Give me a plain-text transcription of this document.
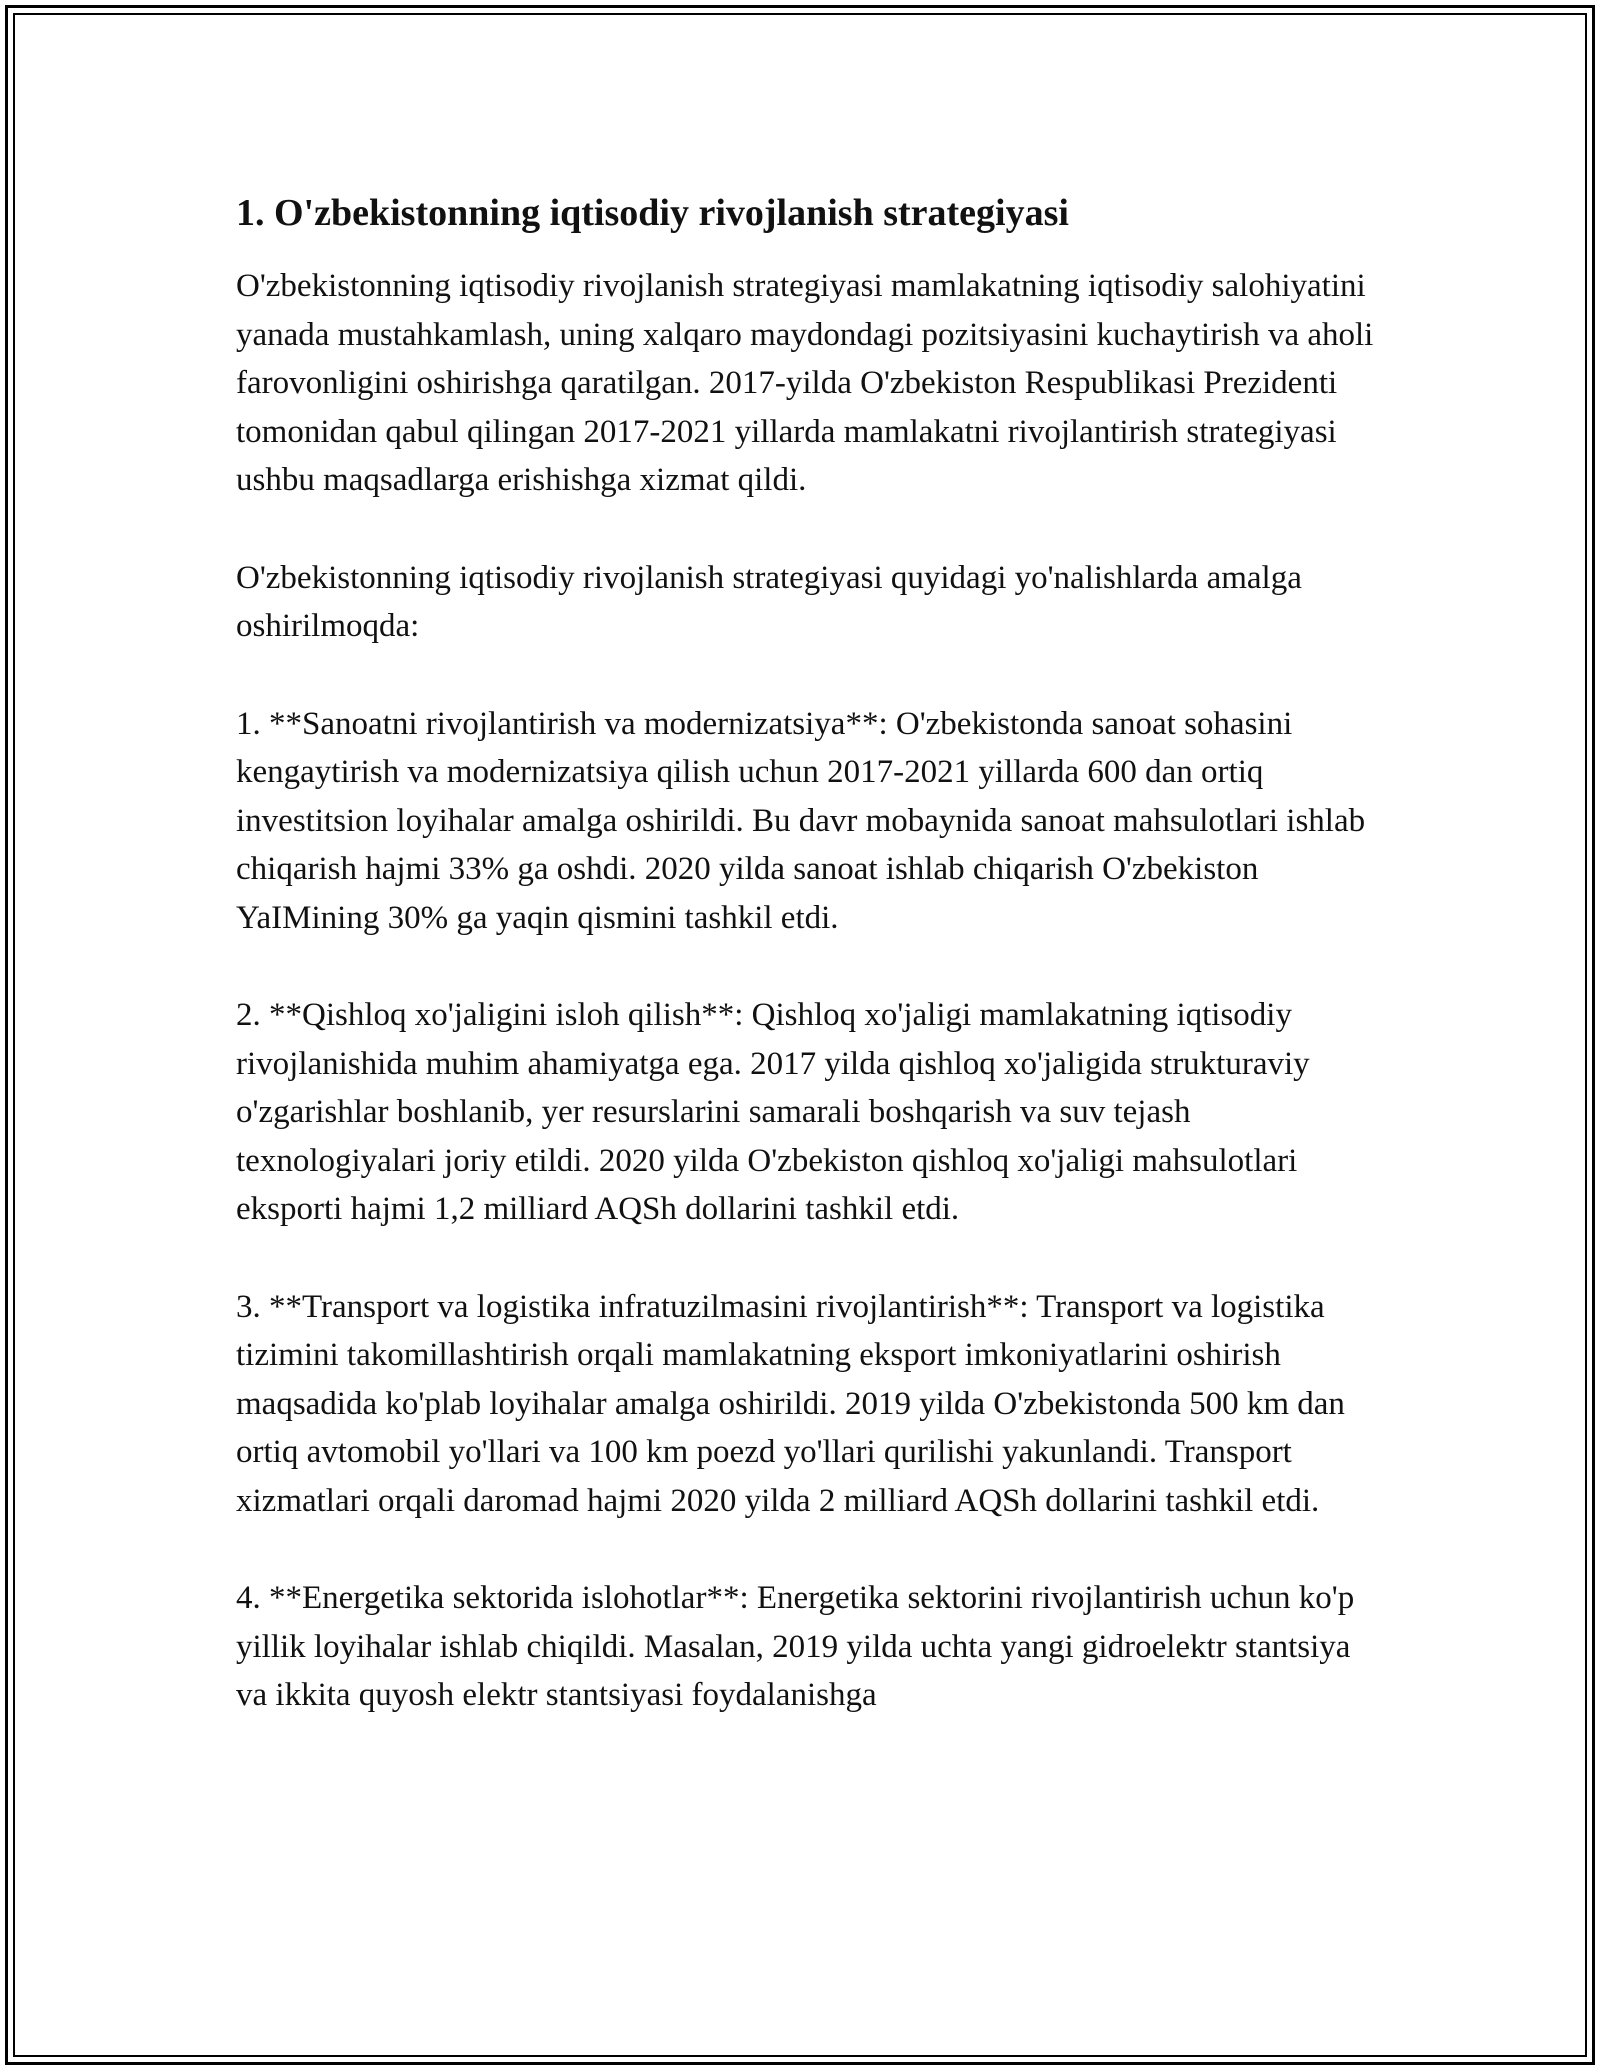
1. O'zbekistonning iqtisodiy rivojlanish strategiyasi

O'zbekistonning iqtisodiy rivojlanish strategiyasi mamlakatning iqtisodiy salohiyatini yanada mustahkamlash, uning xalqaro maydondagi pozitsiyasini kuchaytirish va aholi farovonligini oshirishga qaratilgan. 2017-yilda O'zbekiston Respublikasi Prezidenti tomonidan qabul qilingan 2017-2021 yillarda mamlakatni rivojlantirish strategiyasi ushbu maqsadlarga erishishga xizmat qildi.

O'zbekistonning iqtisodiy rivojlanish strategiyasi quyidagi yo'nalishlarda amalga oshirilmoqda:

1. **Sanoatni rivojlantirish va modernizatsiya**: O'zbekistonda sanoat sohasini kengaytirish va modernizatsiya qilish uchun 2017-2021 yillarda 600 dan ortiq investitsion loyihalar amalga oshirildi. Bu davr mobaynida sanoat mahsulotlari ishlab chiqarish hajmi 33% ga oshdi. 2020 yilda sanoat ishlab chiqarish O'zbekiston YaIMining 30% ga yaqin qismini tashkil etdi.

2. **Qishloq xo'jaligini isloh qilish**: Qishloq xo'jaligi mamlakatning iqtisodiy rivojlanishida muhim ahamiyatga ega. 2017 yilda qishloq xo'jaligida strukturaviy o'zgarishlar boshlanib, yer resurslarini samarali boshqarish va suv tejash texnologiyalari joriy etildi. 2020 yilda O'zbekiston qishloq xo'jaligi mahsulotlari eksporti hajmi 1,2 milliard AQSh dollarini tashkil etdi.

3. **Transport va logistika infratuzilmasini rivojlantirish**: Transport va logistika tizimini takomillashtirish orqali mamlakatning eksport imkoniyatlarini oshirish maqsadida ko'plab loyihalar amalga oshirildi. 2019 yilda O'zbekistonda 500 km dan ortiq avtomobil yo'llari va 100 km poezd yo'llari qurilishi yakunlandi. Transport xizmatlari orqali daromad hajmi 2020 yilda 2 milliard AQSh dollarini tashkil etdi.

4. **Energetika sektorida islohotlar**: Energetika sektorini rivojlantirish uchun ko'p yillik loyihalar ishlab chiqildi. Masalan, 2019 yilda uchta yangi gidroelektr stantsiya va ikkita quyosh elektr stantsiyasi foydalanishga
